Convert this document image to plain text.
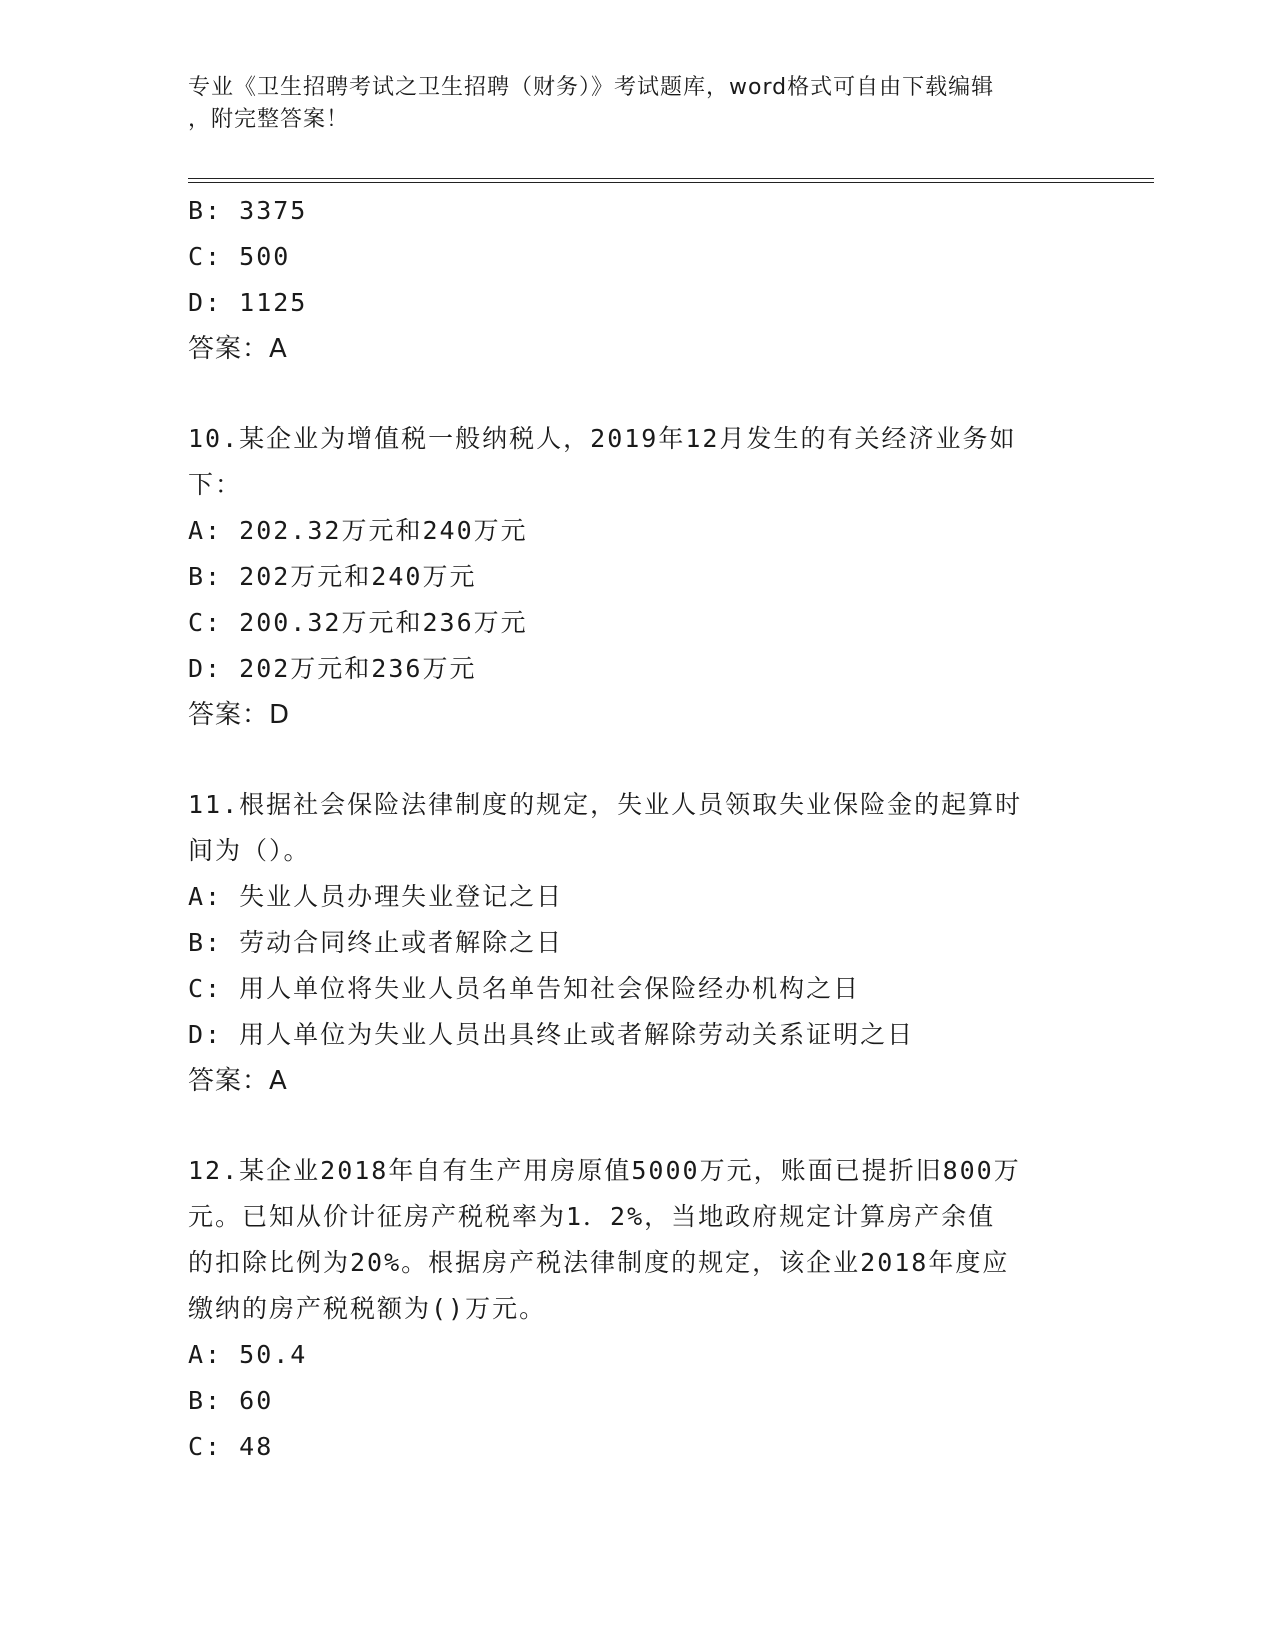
专业《卫生招聘考试之卫生招聘（财务）》考试题库，word格式可自由下载编辑
，附完整答案！
B: 3375
C: 500
D: 1125
答案：A
10.某企业为增值税一般纳税人，2019年12月发生的有关经济业务如
下：
A: 202.32万元和240万元
B: 202万元和240万元
C: 200.32万元和236万元
D: 202万元和236万元
答案：D
11.根据社会保险法律制度的规定，失业人员领取失业保险金的起算时
间为（）。
A: 失业人员办理失业登记之日
B: 劳动合同终止或者解除之日
C: 用人单位将失业人员名单告知社会保险经办机构之日
D: 用人单位为失业人员出具终止或者解除劳动关系证明之日
答案：A
12.某企业2018年自有生产用房原值5000万元，账面已提折旧800万
元。已知从价计征房产税税率为1．2%，当地政府规定计算房产余值
的扣除比例为20%。根据房产税法律制度的规定，该企业2018年度应
缴纳的房产税税额为()万元。
A: 50.4
B: 60
C: 48
